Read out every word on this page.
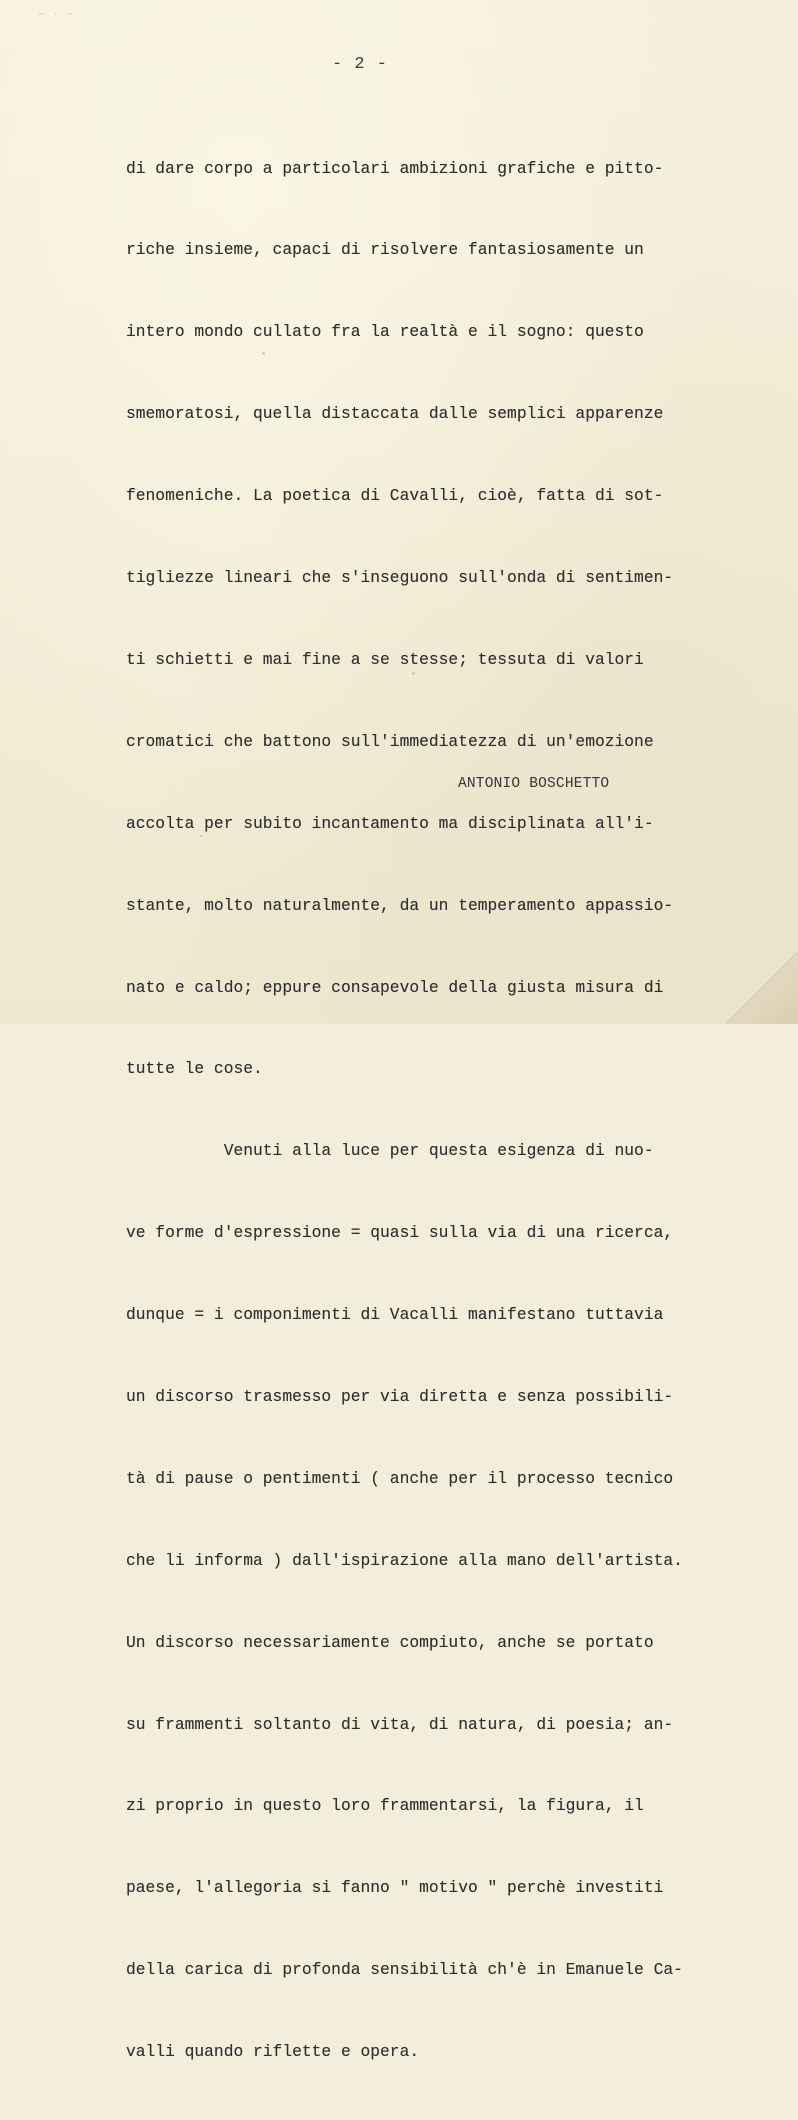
~ · ~
- 2 -

di dare corpo a particolari ambizioni grafiche e pitto-

riche insieme, capaci di risolvere fantasiosamente un

intero mondo cullato fra la realtà e il sogno: questo

smemoratosi, quella distaccata dalle semplici apparenze

fenomeniche. La poetica di Cavalli, cioè, fatta di sot-

tigliezze lineari che s'inseguono sull'onda di sentimen-

ti schietti e mai fine a se stesse; tessuta di valori

cromatici che battono sull'immediatezza di un'emozione

accolta per subito incantamento ma disciplinata all'i-

stante, molto naturalmente, da un temperamento appassio-

nato e caldo; eppure consapevole della giusta misura di

tutte le cose.

Venuti alla luce per questa esigenza di nuo-

ve forme d'espressione = quasi sulla via di una ricerca,

dunque = i componimenti di Vacalli manifestano tuttavia

un discorso trasmesso per via diretta e senza possibili-

tà di pause o pentimenti ( anche per il processo tecnico

che li informa ) dall'ispirazione alla mano dell'artista.

Un discorso necessariamente compiuto, anche se portato

su frammenti soltanto di vita, di natura, di poesia; an-

zi proprio in questo loro frammentarsi, la figura, il

paese, l'allegoria si fanno " motivo " perchè investiti

della carica di profonda sensibilità ch'è in Emanuele Ca-

valli quando riflette e opera.

ANTONIO BOSCHETTO
